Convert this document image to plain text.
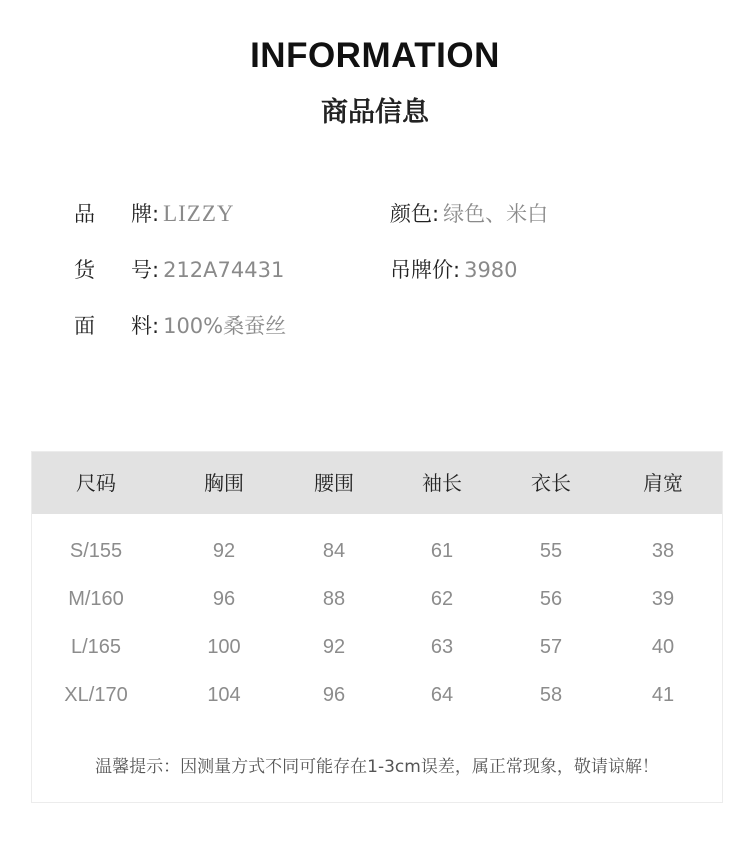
INFORMATION
商品信息
品 牌 : LIZZY	颜色 : 绿色、米白
货 号 : 212A74431	吊牌价 : 3980
面 料 : 100%桑蚕丝
尺码	胸围	腰围	袖长	衣长	肩宽
S/155	92	84	61	55	38
M/160	96	88	62	56	39
L/165	100	92	63	57	40
XL/170	104	96	64	58	41
温馨提示：因测量方式不同可能存在1-3cm误差，属正常现象，敬请谅解！
